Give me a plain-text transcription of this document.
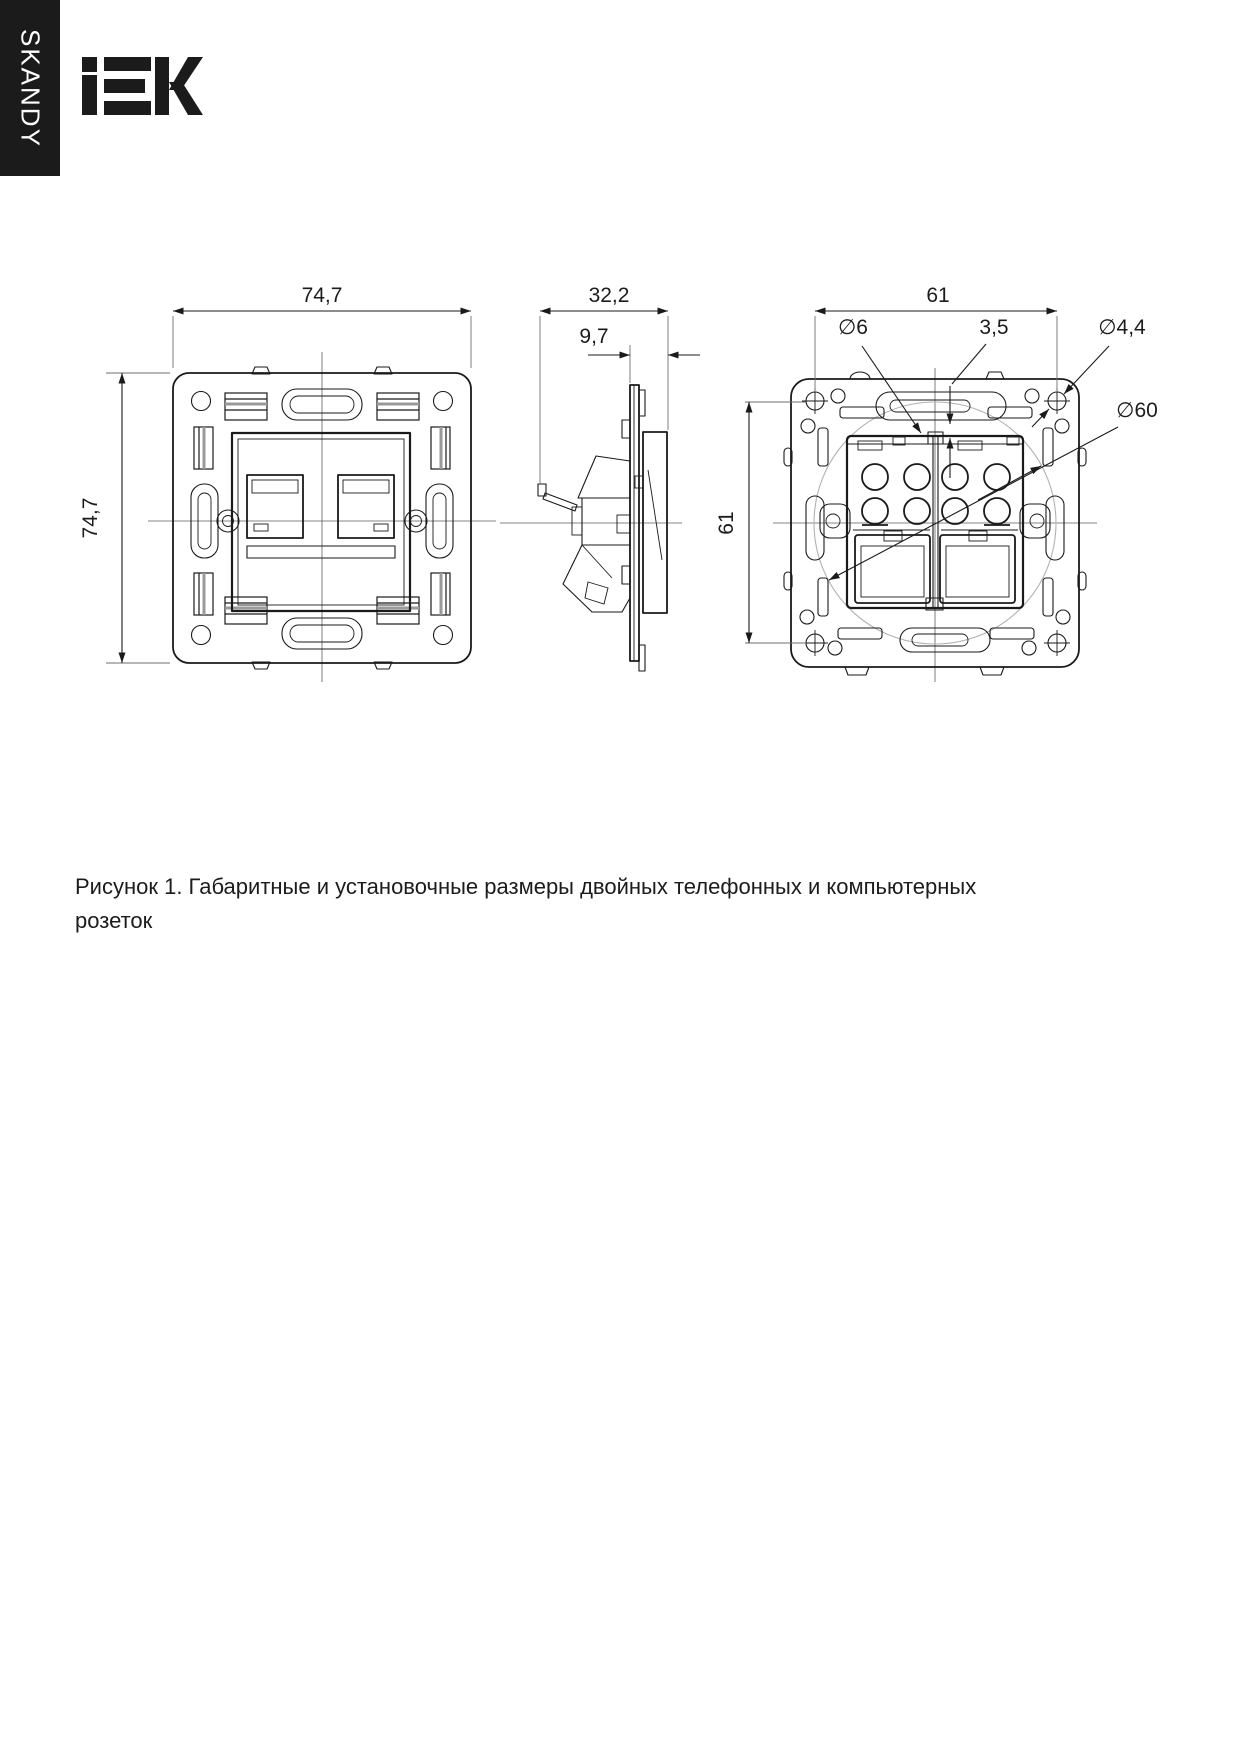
SKANDY
74,7
74,7
32,2
9,7
61
61
∅6	3,5	∅4,4
∅60
Рисунок 1. Габаритные и установочные размеры двойных телефонных и компьютерных
розеток
